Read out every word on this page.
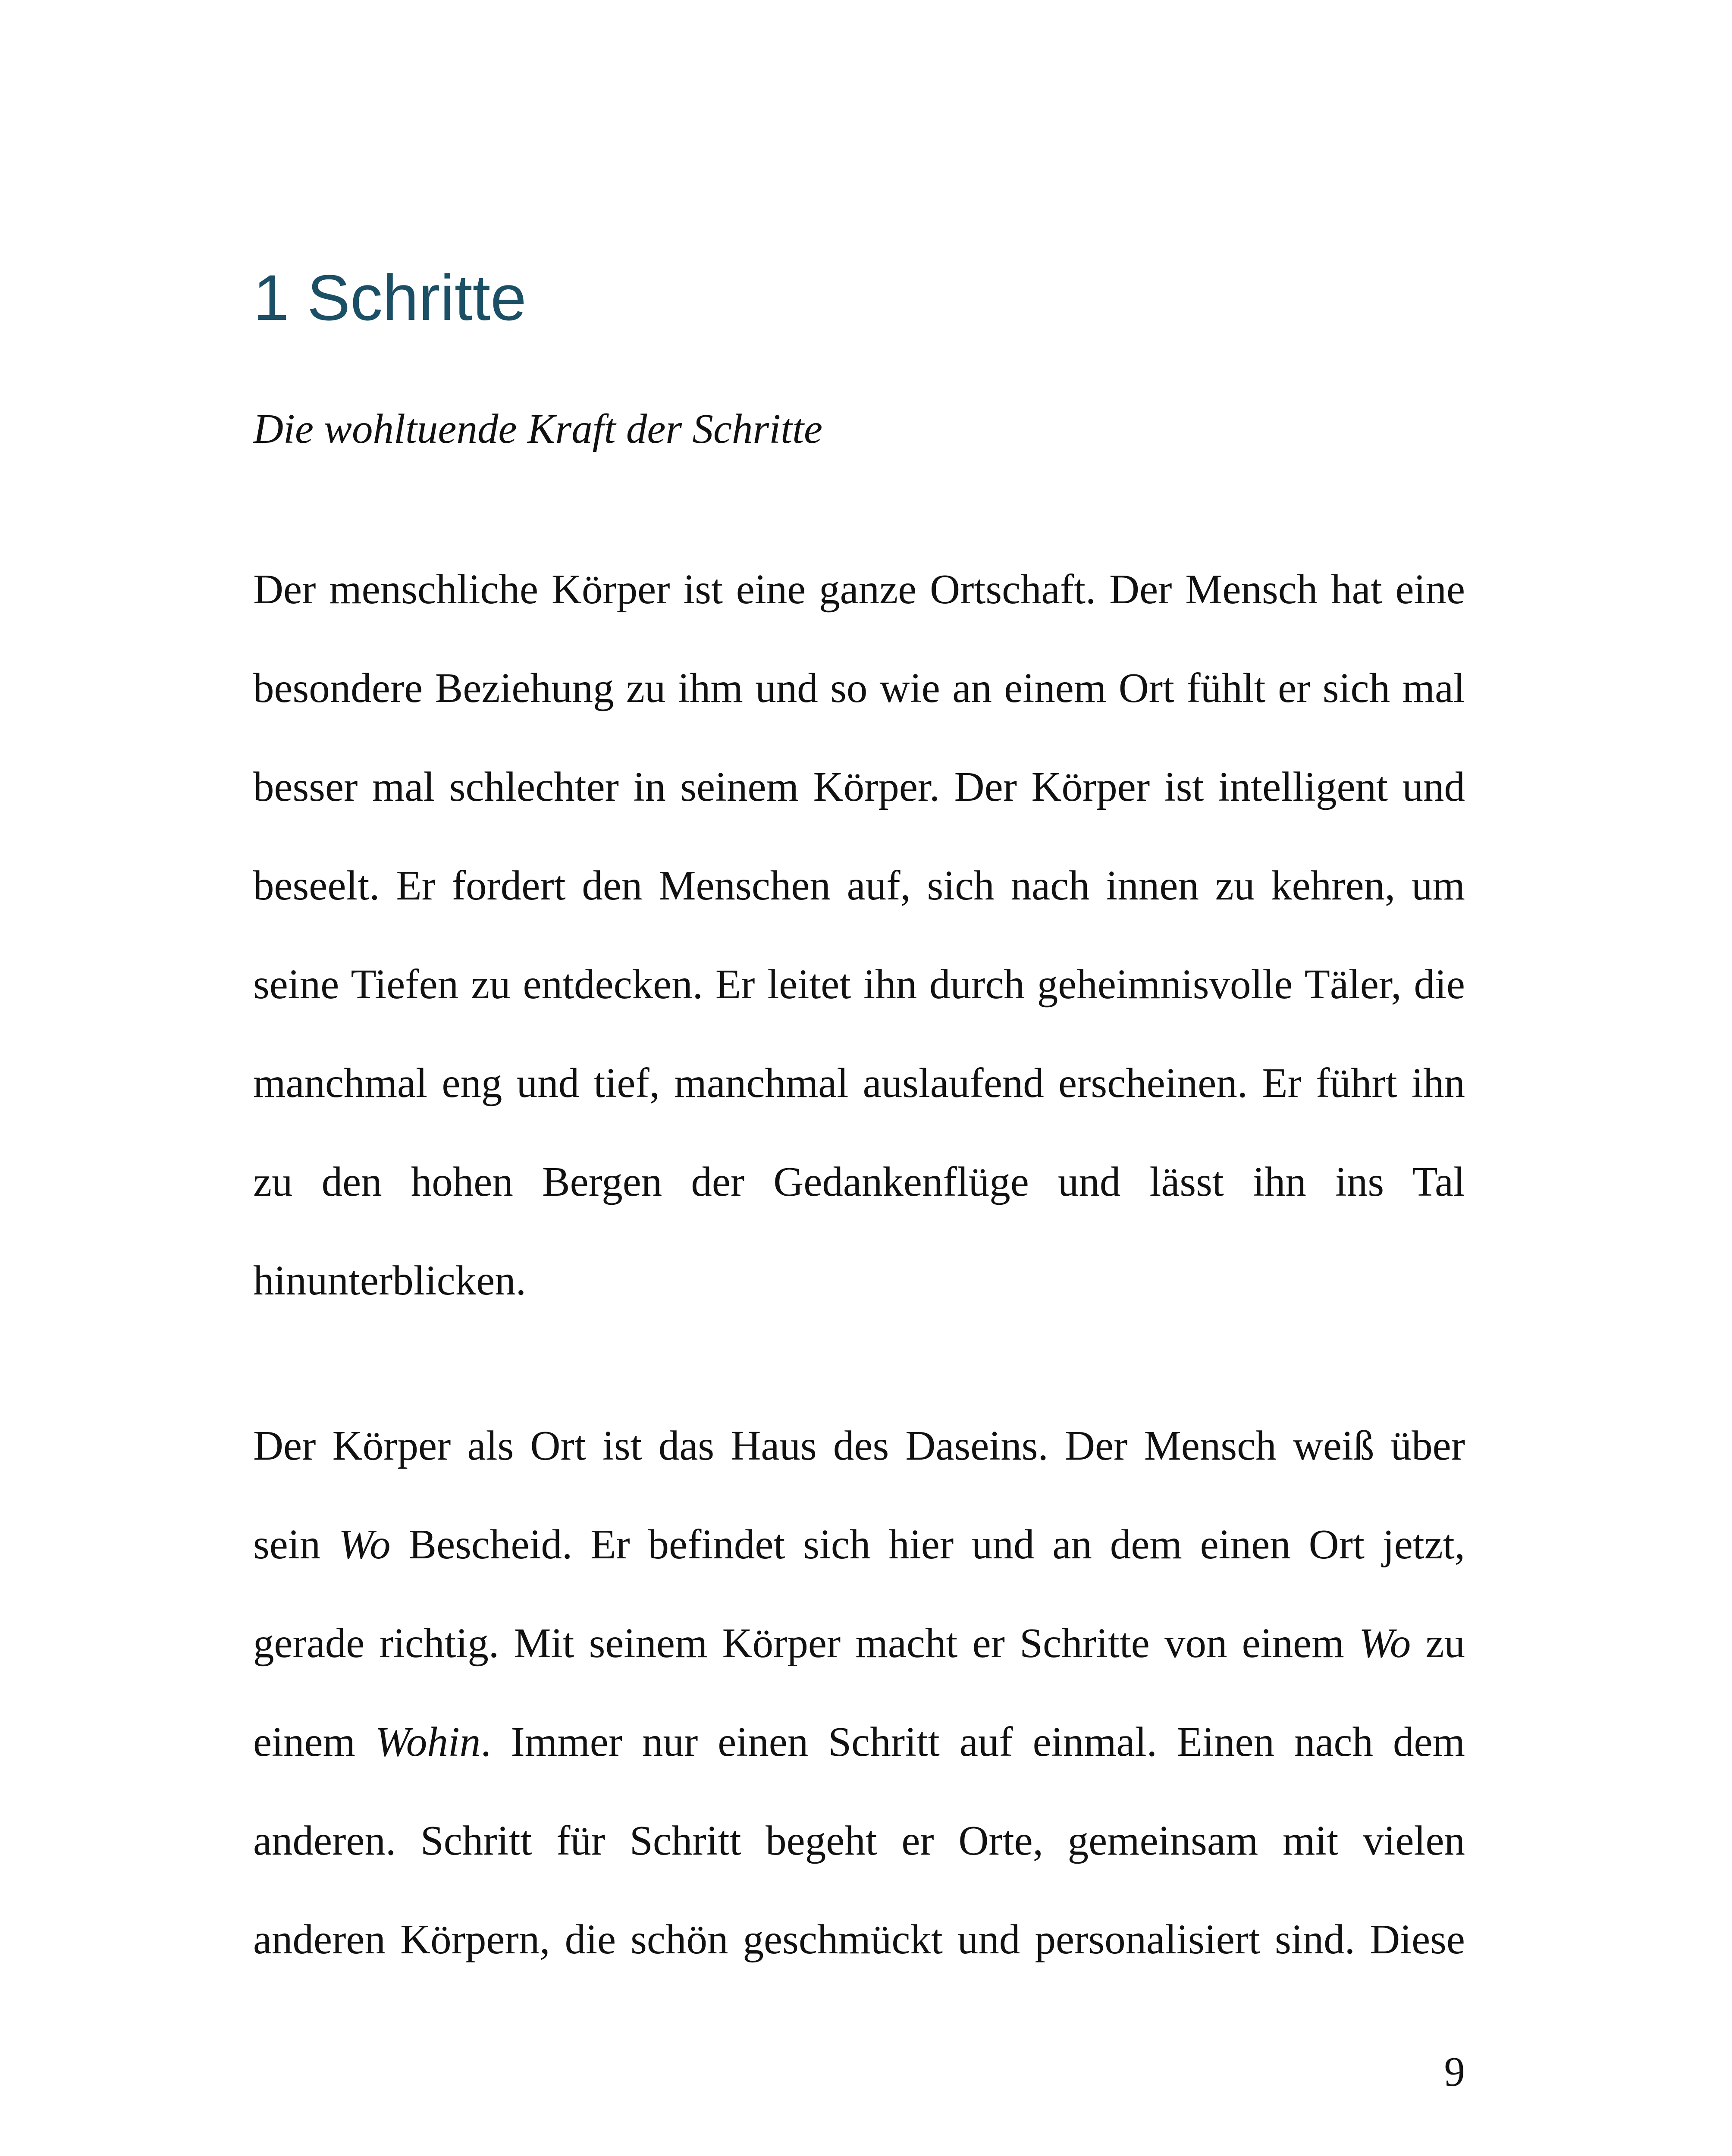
1 Schritte

Die wohltuende Kraft der Schritte

Der menschliche Körper ist eine ganze Ortschaft. Der Mensch hat eine
besondere Beziehung zu ihm und so wie an einem Ort fühlt er sich mal
besser mal schlechter in seinem Körper. Der Körper ist intelligent und
beseelt. Er fordert den Menschen auf, sich nach innen zu kehren, um
seine Tiefen zu entdecken. Er leitet ihn durch geheimnisvolle Täler, die
manchmal eng und tief, manchmal auslaufend erscheinen. Er führt ihn
zu den hohen Bergen der Gedankenflüge und lässt ihn ins Tal
hinunterblicken.
Der Körper als Ort ist das Haus des Daseins. Der Mensch weiß über
sein Wo Bescheid. Er befindet sich hier und an dem einen Ort jetzt,
gerade richtig. Mit seinem Körper macht er Schritte von einem Wo zu
einem Wohin. Immer nur einen Schritt auf einmal. Einen nach dem
anderen. Schritt für Schritt begeht er Orte, gemeinsam mit vielen
anderen Körpern, die schön geschmückt und personalisiert sind. Diese

9
